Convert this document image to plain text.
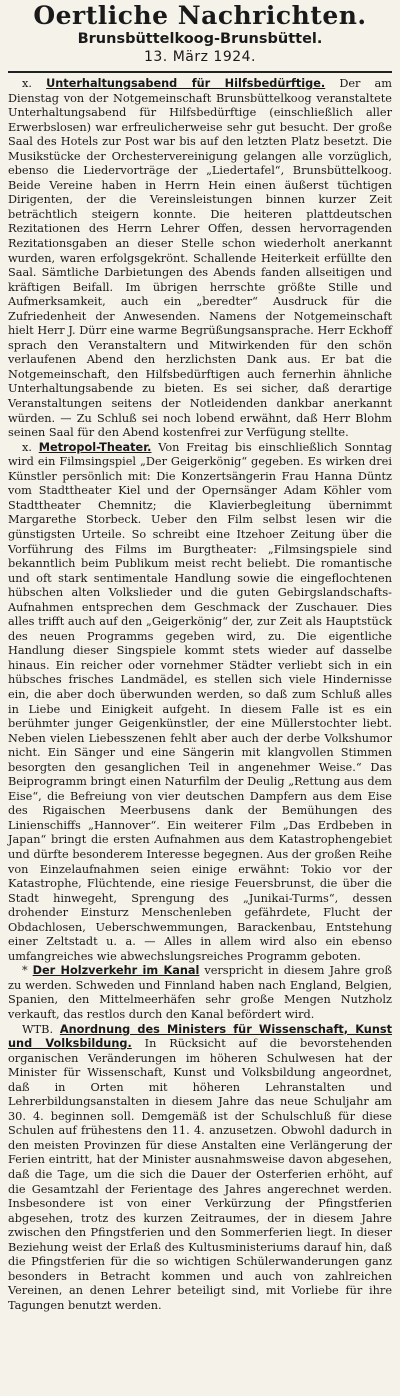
Oertliche Nachrichten.
Brunsbüttelkoog-Brunsbüttel.
13. März 1924.

x. Unterhaltungsabend für Hilfsbedürftige. Der am Dienstag von der Notgemeinschaft Brunsbüttelkoog veranstaltete Unterhaltungsabend für Hilfsbedürftige (einschließlich aller Erwerbslosen) war erfreulicherweise sehr gut besucht. Der große Saal des Hotels zur Post war bis auf den letzten Platz besetzt. Die Musikstücke der Orchestervereinigung gelangen alle vorzüglich, ebenso die Liedervorträge der „Liedertafel“, Brunsbüttelkoog. Beide Vereine haben in Herrn Hein einen äußerst tüchtigen Dirigenten, der die Vereinsleistungen binnen kurzer Zeit beträchtlich steigern konnte. Die heiteren plattdeutschen Rezitationen des Herrn Lehrer Offen, dessen hervorragenden Rezitationsgaben an dieser Stelle schon wiederholt anerkannt wurden, waren erfolgsgekrönt. Schallende Heiterkeit erfüllte den Saal. Sämtliche Darbietungen des Abends fanden allseitigen und kräftigen Beifall. Im übrigen herrschte größte Stille und Aufmerksamkeit, auch ein „beredter“ Ausdruck für die Zufriedenheit der Anwesenden. Namens der Notgemeinschaft hielt Herr J. Dürr eine warme Begrüßungsansprache. Herr Eckhoff sprach den Veranstaltern und Mitwirkenden für den schön verlaufenen Abend den herzlichsten Dank aus. Er bat die Notgemeinschaft, den Hilfsbedürftigen auch fernerhin ähnliche Unterhaltungsabende zu bieten. Es sei sicher, daß derartige Veranstaltungen seitens der Notleidenden dankbar anerkannt würden. — Zu Schluß sei noch lobend erwähnt, daß Herr Blohm seinen Saal für den Abend kostenfrei zur Verfügung stellte.

x. Metropol-Theater. Von Freitag bis einschließlich Sonntag wird ein Filmsingspiel „Der Geigerkönig“ gegeben. Es wirken drei Künstler persönlich mit: Die Konzertsängerin Frau Hanna Düntz vom Stadttheater Kiel und der Opernsänger Adam Köhler vom Stadttheater Chemnitz; die Klavierbegleitung übernimmt Margarethe Storbeck. Ueber den Film selbst lesen wir die günstigsten Urteile. So schreibt eine Itzehoer Zeitung über die Vorführung des Films im Burgtheater: „Filmsingspiele sind bekanntlich beim Publikum meist recht beliebt. Die romantische und oft stark sentimentale Handlung sowie die eingeflochtenen hübschen alten Volkslieder und die guten Gebirgslandschafts-Aufnahmen entsprechen dem Geschmack der Zuschauer. Dies alles trifft auch auf den „Geigerkönig“ der, zur Zeit als Hauptstück des neuen Programms gegeben wird, zu. Die eigentliche Handlung dieser Singspiele kommt stets wieder auf dasselbe hinaus. Ein reicher oder vornehmer Städter verliebt sich in ein hübsches frisches Landmädel, es stellen sich viele Hindernisse ein, die aber doch überwunden werden, so daß zum Schluß alles in Liebe und Einigkeit aufgeht. In diesem Falle ist es ein berühmter junger Geigenkünstler, der eine Müllerstochter liebt. Neben vielen Liebesszenen fehlt aber auch der derbe Volkshumor nicht. Ein Sänger und eine Sängerin mit klangvollen Stimmen besorgten den gesanglichen Teil in angenehmer Weise.“ Das Beiprogramm bringt einen Naturfilm der Deulig „Rettung aus dem Eise“, die Befreiung von vier deutschen Dampfern aus dem Eise des Rigaischen Meerbusens dank der Bemühungen des Linienschiffs „Hannover“. Ein weiterer Film „Das Erdbeben in Japan“ bringt die ersten Aufnahmen aus dem Katastrophengebiet und dürfte besonderem Interesse begegnen. Aus der großen Reihe von Einzelaufnahmen seien einige erwähnt: Tokio vor der Katastrophe, Flüchtende, eine riesige Feuersbrunst, die über die Stadt hinwegeht, Sprengung des „Junikai-Turms“, dessen drohender Einsturz Menschenleben gefährdete, Flucht der Obdachlosen, Ueberschwemmungen, Barackenbau, Entstehung einer Zeltstadt u. a. — Alles in allem wird also ein ebenso umfangreiches wie abwechslungsreiches Programm geboten.

* Der Holzverkehr im Kanal verspricht in diesem Jahre groß zu werden. Schweden und Finnland haben nach England, Belgien, Spanien, den Mittelmeerhäfen sehr große Mengen Nutzholz verkauft, das restlos durch den Kanal befördert wird.

WTB. Anordnung des Ministers für Wissenschaft, Kunst und Volksbildung. In Rücksicht auf die bevorstehenden organischen Veränderungen im höheren Schulwesen hat der Minister für Wissenschaft, Kunst und Volksbildung angeordnet, daß in Orten mit höheren Lehranstalten und Lehrerbildungsanstalten in diesem Jahre das neue Schuljahr am 30. 4. beginnen soll. Demgemäß ist der Schulschluß für diese Schulen auf frühestens den 11. 4. anzusetzen. Obwohl dadurch in den meisten Provinzen für diese Anstalten eine Verlängerung der Ferien eintritt, hat der Minister ausnahmsweise davon abgesehen, daß die Tage, um die sich die Dauer der Osterferien erhöht, auf die Gesamtzahl der Ferientage des Jahres angerechnet werden. Insbesondere ist von einer Verkürzung der Pfingstferien abgesehen, trotz des kurzen Zeitraumes, der in diesem Jahre zwischen den Pfingstferien und den Sommerferien liegt. In dieser Beziehung weist der Erlaß des Kultusministeriums darauf hin, daß die Pfingstferien für die so wichtigen Schülerwanderungen ganz besonders in Betracht kommen und auch von zahlreichen Vereinen, an denen Lehrer beteiligt sind, mit Vorliebe für ihre Tagungen benutzt werden.
